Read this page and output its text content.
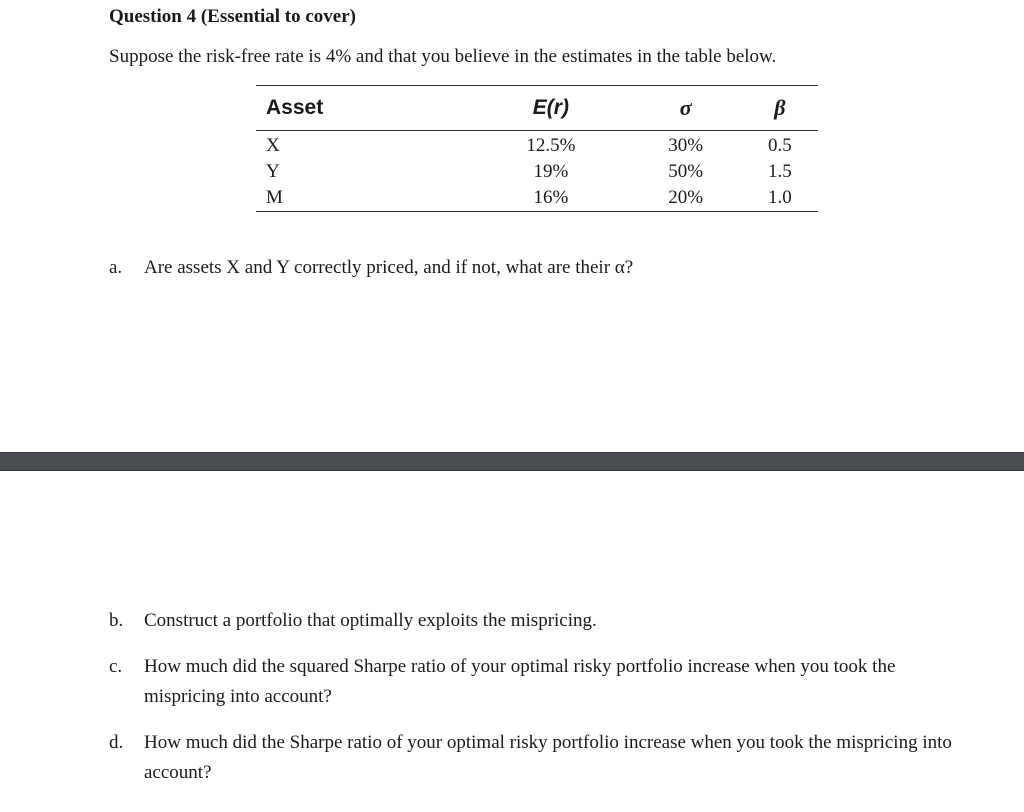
Question 4 (Essential to cover)
Suppose the risk-free rate is 4% and that you believe in the estimates in the table below.
Asset	E(r)	σ	β
X	12.5%	30%	0.5
Y	19%	50%	1.5
M	16%	20%	1.0
a. Are assets X and Y correctly priced, and if not, what are their α?
b. Construct a portfolio that optimally exploits the mispricing.
c. How much did the squared Sharpe ratio of your optimal risky portfolio increase when you took the mispricing into account?
d. How much did the Sharpe ratio of your optimal risky portfolio increase when you took the mispricing into account?
